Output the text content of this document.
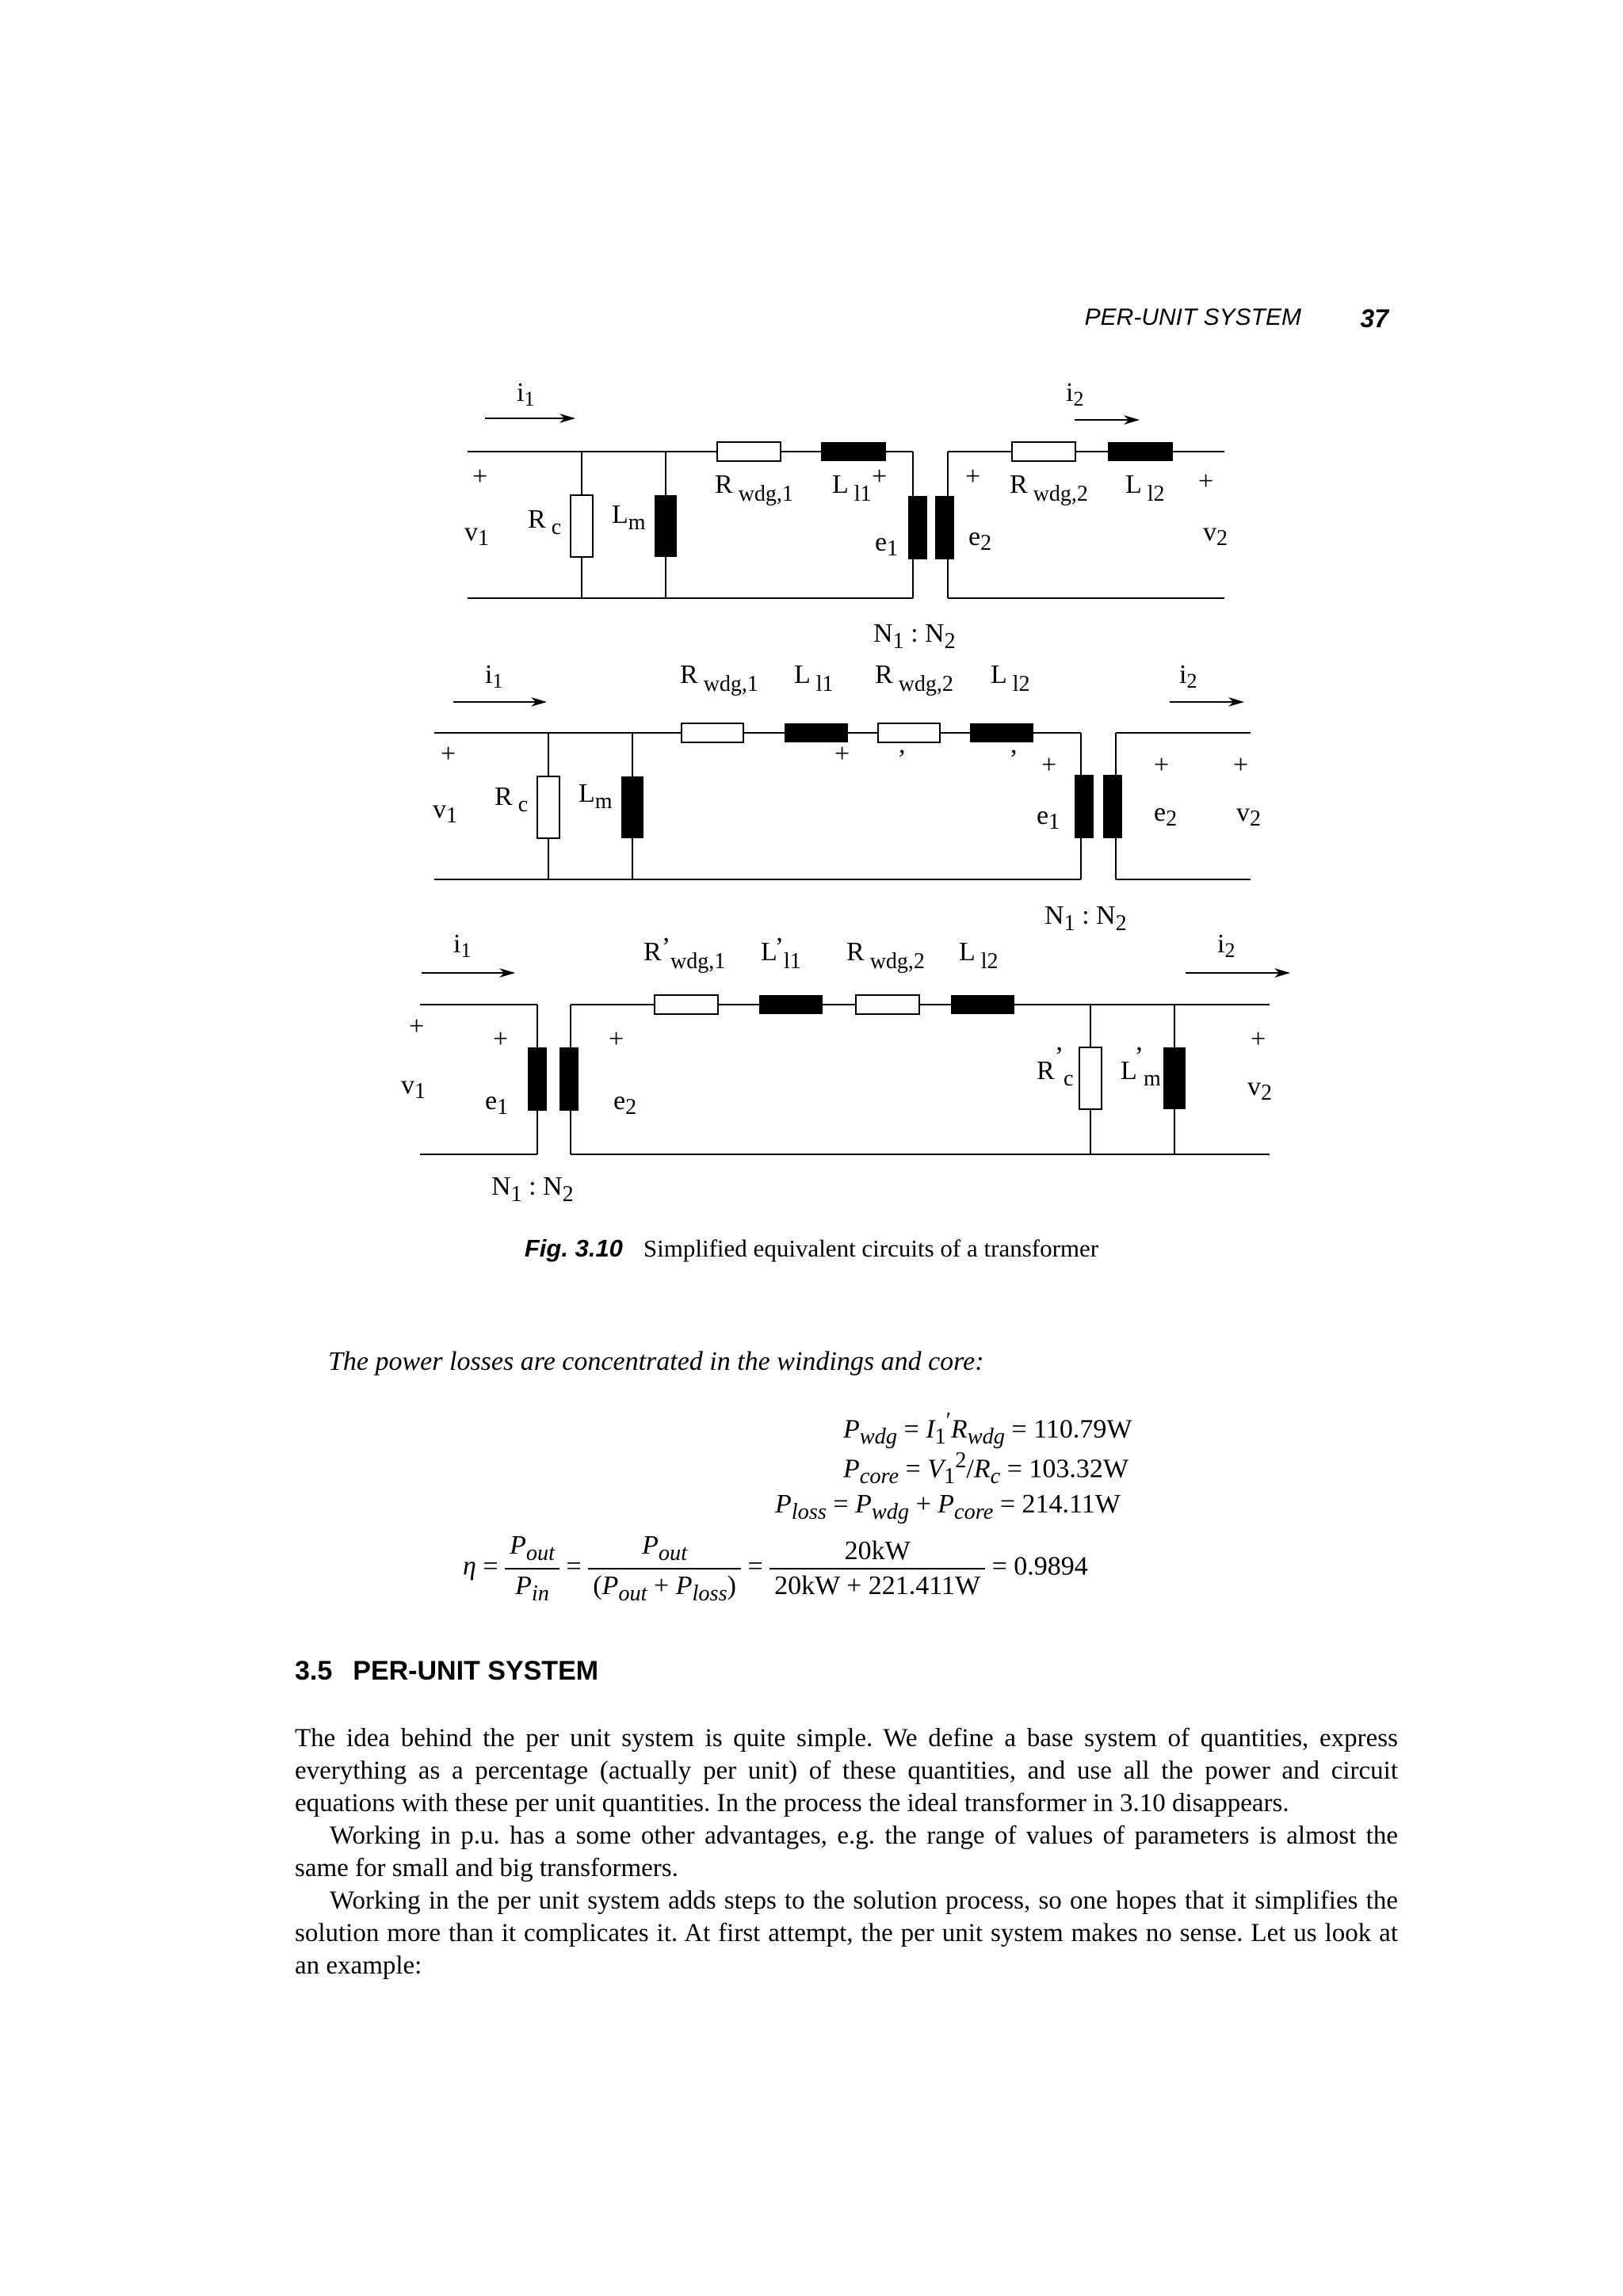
PER-UNIT SYSTEM 37
i1	i2
+
v1
R $_c$ $L_m$
R $_{wdg,1}$ L $_{l1}$
+
e1
+
e2
R $_{wdg,2}$ L $_{l2}$ +
v2
$N_1$ : $N_2$
i1	i2
+
v1
R $_c$ $L_m$
R $_{wdg,1}$ L $_{l1}$ R $_{wdg,2}$ L $_{l2}$
+ ,	,
+
e1
+
e2
+
v2
$N_1$ : $N_2$
i1	i2
+
v1
+
e1
+
e2
$R’_{wdg,1}$ $L’_{l1}$ R $_{wdg,2}$ L $_{l2}$
$R’_c$ $L’_m$
+
v2
$N_1$ : $N_2$
Fig. 3.10 Simplified equivalent circuits of a transformer
The power losses are concentrated in the windings and core:
$P_{wdg} = I_1'R_{wdg} = 110.79W$
$P_{core} = V_1^2/R_c = 103.32W$
$P_{loss} = P_{wdg} + P_{core} = 214.11W$
$\eta = \frac{P_{out}}{P_{in}} = \frac{P_{out}}{(P_{out} + P_{loss})} = \frac{20kW}{20kW + 221.411W} = 0.9894$
3.5 PER-UNIT SYSTEM
The idea behind the per unit system is quite simple. We define a base system of quantities, express everything as a percentage (actually per unit) of these quantities, and use all the power and circuit equations with these per unit quantities. In the process the ideal transformer in 3.10 disappears.
Working in p.u. has a some other advantages, e.g. the range of values of parameters is almost the same for small and big transformers.
Working in the per unit system adds steps to the solution process, so one hopes that it simplifies the solution more than it complicates it. At first attempt, the per unit system makes no sense. Let us look at an example:
